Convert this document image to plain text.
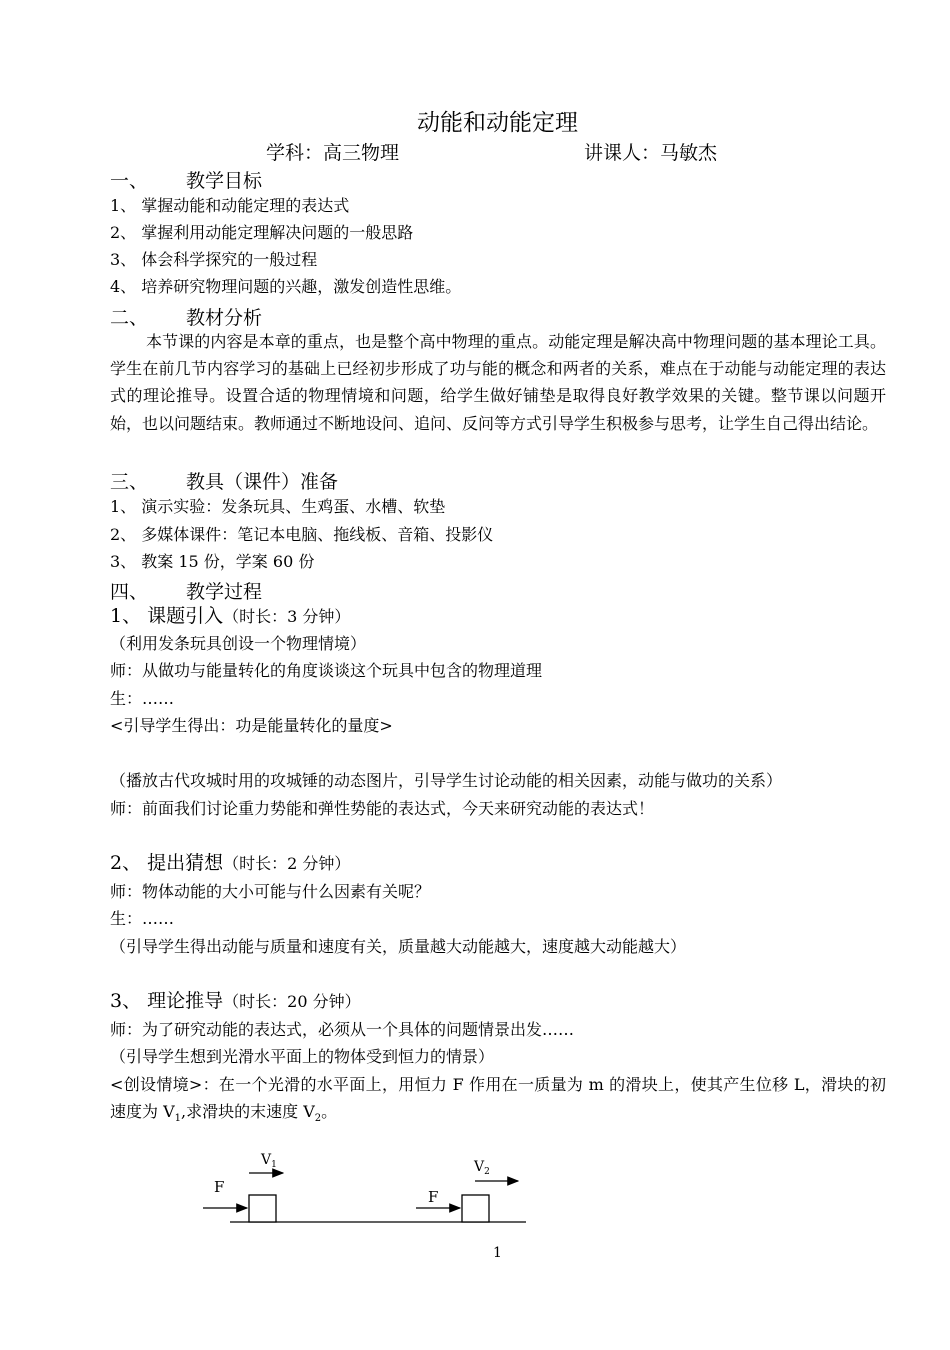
动能和动能定理
学科：高三物理	讲课人：马敏杰
一、 教学目标
1、 掌握动能和动能定理的表达式
2、 掌握利用动能定理解决问题的一般思路
3、 体会科学探究的一般过程
4、 培养研究物理问题的兴趣，激发创造性思维。
二、 教材分析
本节课的内容是本章的重点，也是整个高中物理的重点。动能定理是解决高中物理问题的基本理论工具。学生在前几节内容学习的基础上已经初步形成了功与能的概念和两者的关系，难点在于动能与动能定理的表达式的理论推导。设置合适的物理情境和问题，给学生做好铺垫是取得良好教学效果的关键。整节课以问题开始，也以问题结束。教师通过不断地设问、追问、反问等方式引导学生积极参与思考，让学生自己得出结论。
三、 教具（课件）准备
1、 演示实验：发条玩具、生鸡蛋、水槽、软垫
2、 多媒体课件：笔记本电脑、拖线板、音箱、投影仪
3、 教案 15 份，学案 60 份
四、 教学过程
1、 课题引入（时长：3 分钟）
（利用发条玩具创设一个物理情境）
师：从做功与能量转化的角度谈谈这个玩具中包含的物理道理
生：……
<引导学生得出：功是能量转化的量度>
（播放古代攻城时用的攻城锤的动态图片，引导学生讨论动能的相关因素，动能与做功的关系）
师：前面我们讨论重力势能和弹性势能的表达式，今天来研究动能的表达式！
2、 提出猜想（时长：2 分钟）
师：物体动能的大小可能与什么因素有关呢？
生：……
（引导学生得出动能与质量和速度有关，质量越大动能越大，速度越大动能越大）
3、 理论推导（时长：20 分钟）
师：为了研究动能的表达式，必须从一个具体的问题情景出发……
（引导学生想到光滑水平面上的物体受到恒力的情景）
<创设情境>：在一个光滑的水平面上，用恒力 F 作用在一质量为 m 的滑块上，使其产生位移 L，滑块的初速度为 $V_1$,求滑块的末速度 $V_2$。
F
F
$V_1$	$V_2$
1
